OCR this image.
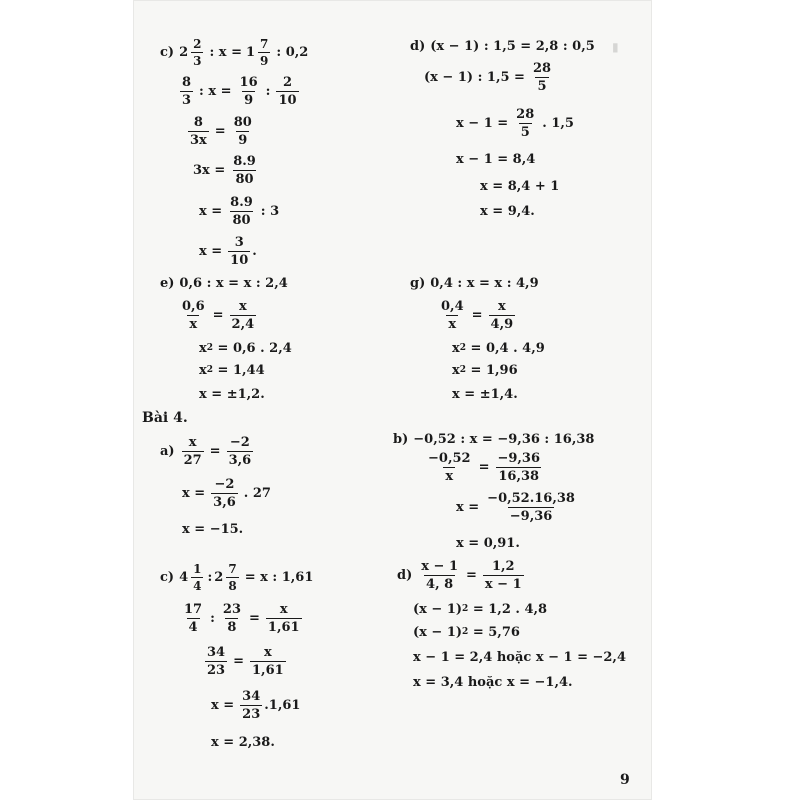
▮
c) $2 \frac{2}{3}$ : $x = 1 \frac{7}{9}$ : 0,2
$\frac{8}{3}$ : $x = \frac{16}{9}$ : $\frac{2}{10}$
$\frac{8}{3x} = \frac{80}{9}$
$3x = \frac{8.9}{80}$
$x = \frac{8.9}{80}$ : 3
$x = \frac{3}{10}$ .
d) (x − 1) : 1,5 = 2,8 : 0,5
(x − 1) : $1,5 = \frac{28}{5}$
$x - 1 = \frac{28}{5}$ . 1,5
x − 1 = 8,4
x = 8,4 + 1
x = 9,4.
e) 0,6 : x = x : 2,4
$\frac{0,6}{x} = \frac{x}{2,4}$
x 2 = 0,6 . 2,4
x 2 = 1,44
x = ±1,2.
g) 0,4 : x = x : 4,9
$\frac{0,4}{x} = \frac{x}{4,9}$
x 2 = 0,4 . 4,9
x 2 = 1,96
x = ±1,4.
Bài 4.
$a) \frac{x}{27} = \frac{-2}{3,6}$
$x = \frac{-2}{3,6}$ . 27
x = −15.
b) −0,52 : x = −9,36 : 16,38
$\frac{-0,52}{x} = \frac{-9,36}{16,38}$
$x = \frac{-0,52.16,38}{-9,36}$
x = 0,91.
c) $4 \frac{1}{4}$ : $2 \frac{7}{8} = x$ : 1,61
$\frac{17}{4}$ : $\frac{23}{8} = \frac{x}{1,61}$
$\frac{34}{23} = \frac{x}{1,61}$
$x = \frac{34}{23} .1,61$
x = 2,38.
$d) \frac{x - 1}{4, 8} = \frac{1,2}{x - 1}$
(x − 1) 2 = 1,2 . 4,8
(x − 1) 2 = 5,76
x − 1 = 2,4 hoặc x − 1 = −2,4
x = 3,4 hoặc x = −1,4.
9
